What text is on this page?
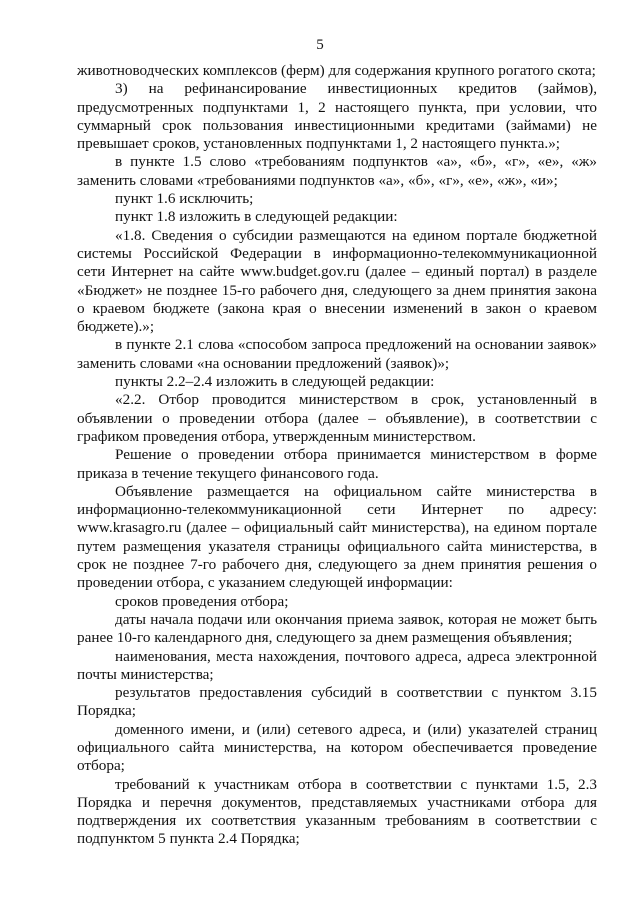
5

животноводческих комплексов (ферм) для содержания крупного рогатого скота;

3) на рефинансирование инвестиционных кредитов (займов), предусмотренных подпунктами 1, 2 настоящего пункта, при условии, что суммарный срок пользования инвестиционными кредитами (займами) не превышает сроков, установленных подпунктами 1, 2 настоящего пункта.»;

в пункте 1.5 слово «требованиям подпунктов «а», «б», «г», «е», «ж» заменить словами «требованиями подпунктов «а», «б», «г», «е», «ж», «и»;

пункт 1.6 исключить;

пункт 1.8 изложить в следующей редакции:

«1.8. Сведения о субсидии размещаются на едином портале бюджетной системы Российской Федерации в информационно-телекоммуникационной сети Интернет на сайте www.budget.gov.ru (далее – единый портал) в разделе «Бюджет» не позднее 15-го рабочего дня, следующего за днем принятия закона о краевом бюджете (закона края о внесении изменений в закон о краевом бюджете).»;

в пункте 2.1 слова «способом запроса предложений на основании заявок» заменить словами «на основании предложений (заявок)»;

пункты 2.2–2.4 изложить в следующей редакции:

«2.2. Отбор проводится министерством в срок, установленный в объявлении о проведении отбора (далее – объявление), в соответствии с графиком проведения отбора, утвержденным министерством.

Решение о проведении отбора принимается министерством в форме приказа в течение текущего финансового года.

Объявление размещается на официальном сайте министерства в информационно-телекоммуникационной сети Интернет по адресу: www.krasagro.ru (далее – официальный сайт министерства), на едином портале путем размещения указателя страницы официального сайта министерства, в срок не позднее 7-го рабочего дня, следующего за днем принятия решения о проведении отбора, с указанием следующей информации:

сроков проведения отбора;

даты начала подачи или окончания приема заявок, которая не может быть ранее 10-го календарного дня, следующего за днем размещения объявления;

наименования, места нахождения, почтового адреса, адреса электронной почты министерства;

результатов предоставления субсидий в соответствии с пунктом 3.15 Порядка;

доменного имени, и (или) сетевого адреса, и (или) указателей страниц официального сайта министерства, на котором обеспечивается проведение отбора;

требований к участникам отбора в соответствии с пунктами 1.5, 2.3 Порядка и перечня документов, представляемых участниками отбора для подтверждения их соответствия указанным требованиям в соответствии с подпунктом 5 пункта 2.4 Порядка;
